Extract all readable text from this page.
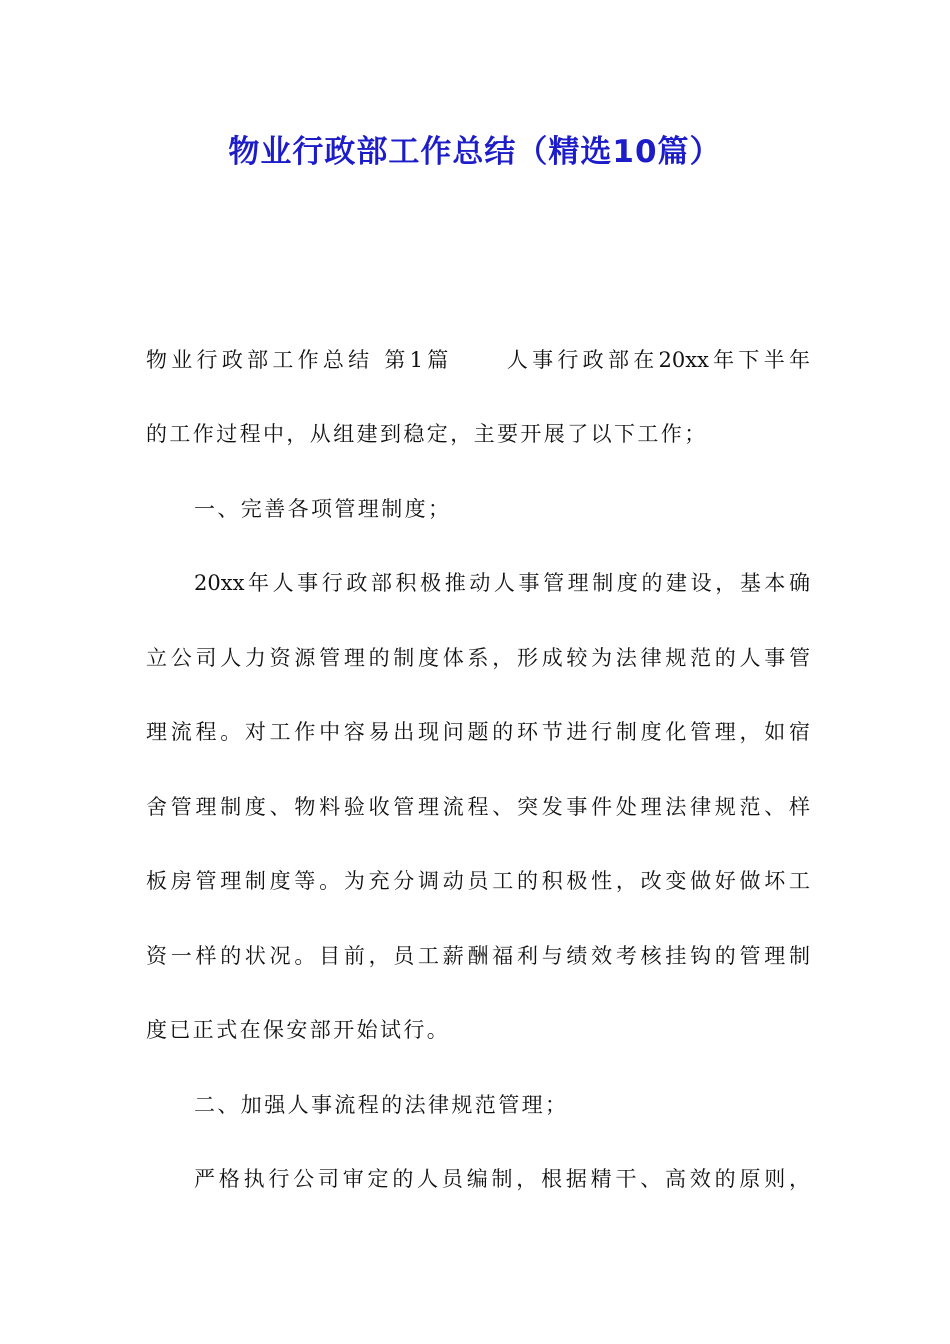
物业行政部工作总结（精选10篇）
物业行政部工作总结 第1篇 人事行政部在20xx年下半年
的工作过程中，从组建到稳定，主要开展了以下工作；
一、完善各项管理制度；
20xx年人事行政部积极推动人事管理制度的建设，基本确
立公司人力资源管理的制度体系，形成较为法律规范的人事管
理流程。对工作中容易出现问题的环节进行制度化管理，如宿
舍管理制度、物料验收管理流程、突发事件处理法律规范、样
板房管理制度等。为充分调动员工的积极性，改变做好做坏工
资一样的状况。目前，员工薪酬福利与绩效考核挂钩的管理制
度已正式在保安部开始试行。
二、加强人事流程的法律规范管理；
严格执行公司审定的人员编制，根据精干、高效的原则，
